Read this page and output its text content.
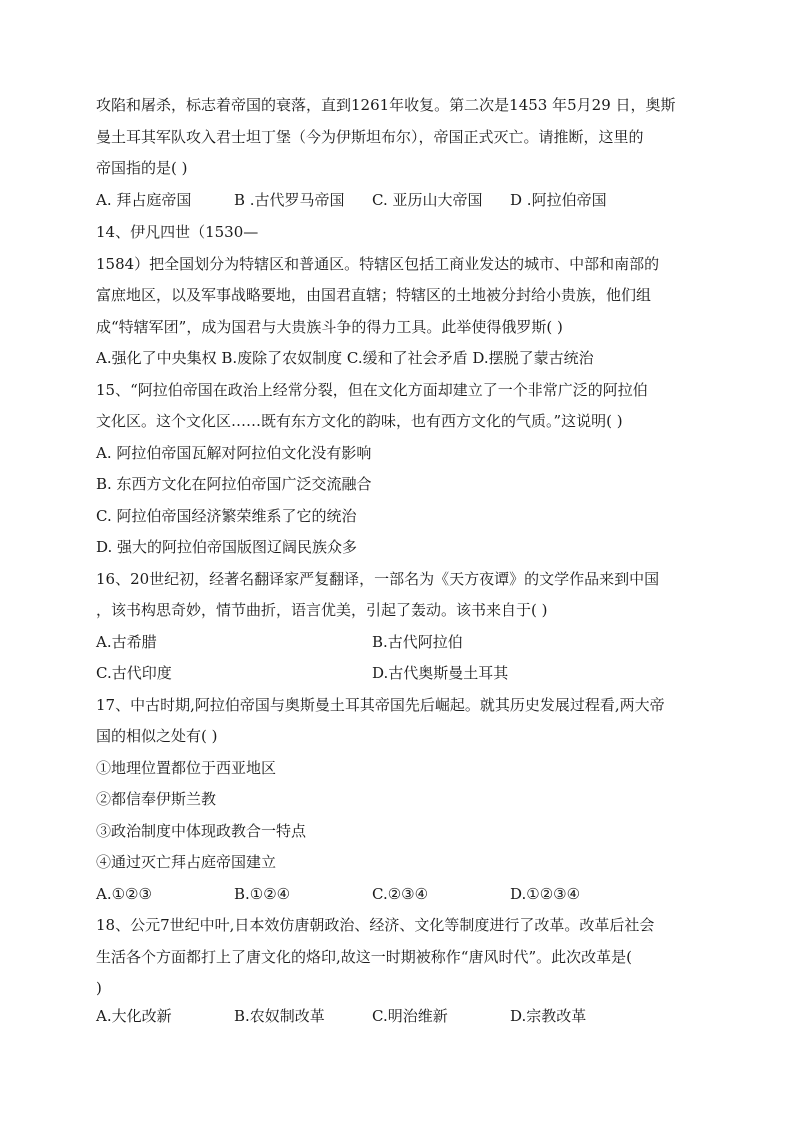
攻陷和屠杀，标志着帝国的衰落，直到1261年收复。第二次是1453 年5月29 日，奥斯
曼土耳其军队攻入君士坦丁堡（今为伊斯坦布尔），帝国正式灭亡。请推断，这里的
帝国指的是( )
A. 拜占庭帝国	B .古代罗马帝国 C. 亚历山大帝国 D .阿拉伯帝国
14、伊凡四世（1530—
1584）把全国划分为特辖区和普通区。特辖区包括工商业发达的城市、中部和南部的
富庶地区，以及军事战略要地，由国君直辖；特辖区的土地被分封给小贵族，他们组
成“特辖军团”，成为国君与大贵族斗争的得力工具。此举使得俄罗斯( )
A.强化了中央集权 B.废除了农奴制度 C.缓和了社会矛盾 D.摆脱了蒙古统治
15、“阿拉伯帝国在政治上经常分裂，但在文化方面却建立了一个非常广泛的阿拉伯
文化区。这个文化区……既有东方文化的韵味，也有西方文化的气质。”这说明( )
A. 阿拉伯帝国瓦解对阿拉伯文化没有影响
B. 东西方文化在阿拉伯帝国广泛交流融合
C. 阿拉伯帝国经济繁荣维系了它的统治
D. 强大的阿拉伯帝国版图辽阔民族众多
16、20世纪初，经著名翻译家严复翻译，一部名为《天方夜谭》的文学作品来到中国
，该书构思奇妙，情节曲折，语言优美，引起了轰动。该书来自于( )
A.古希腊	B.古代阿拉伯
C.古代印度	D.古代奥斯曼土耳其
17、中古时期,阿拉伯帝国与奥斯曼土耳其帝国先后崛起。就其历史发展过程看,两大帝
国的相似之处有( )
①地理位置都位于西亚地区
②都信奉伊斯兰教
③政治制度中体现政教合一特点
④通过灭亡拜占庭帝国建立
A.①②③	B.①②④	C.②③④	D.①②③④
18、公元7世纪中叶,日本效仿唐朝政治、经济、文化等制度进行了改革。改革后社会
生活各个方面都打上了唐文化的烙印,故这一时期被称作“唐风时代”。此次改革是(
)
A.大化改新	B.农奴制改革	C.明治维新	D.宗教改革
